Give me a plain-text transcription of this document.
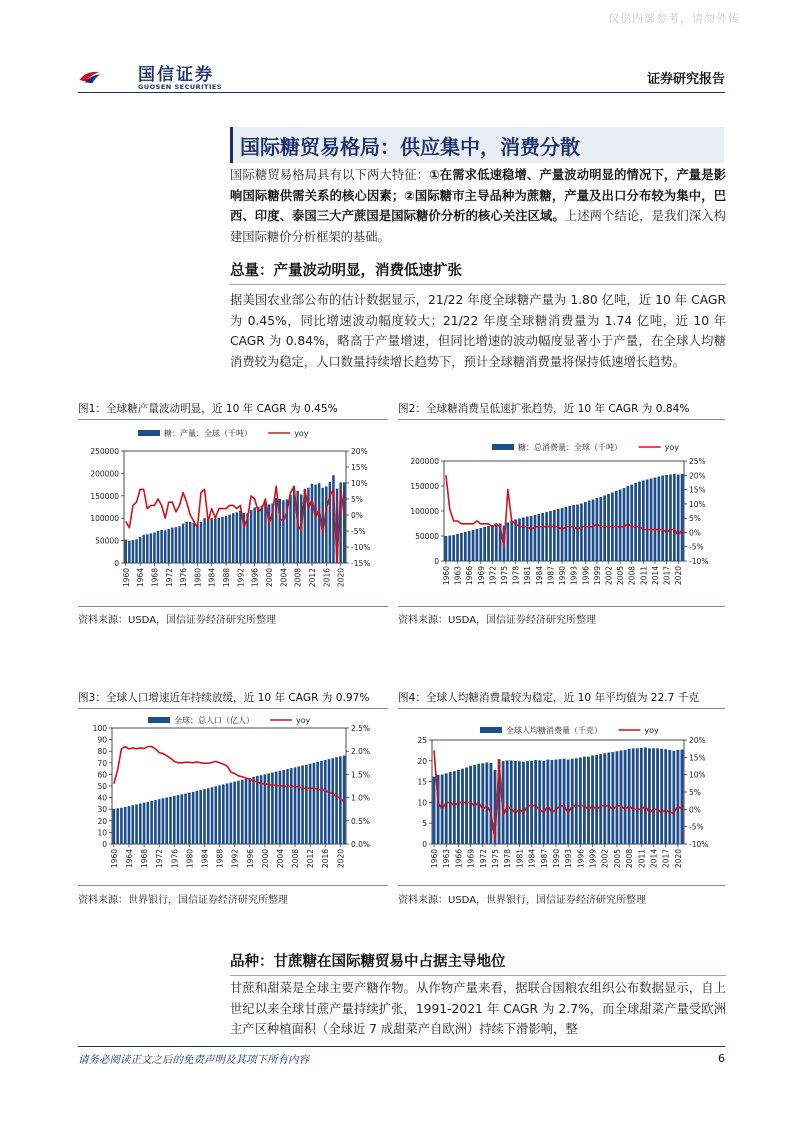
仅供内部参考，请勿外传
国信证券
GUOSEN SECURITIES	证券研究报告
国际糖贸易格局：供应集中，消费分散
国际糖贸易格局具有以下两大特征：①在需求低速稳增、产量波动明显的情况下，产量是影响国际糖供需关系的核心因素；②国际糖市主导品种为蔗糖，产量及出口分布较为集中，巴西、印度、泰国三大产蔗国是国际糖价分析的核心关注区域。上述两个结论，是我们深入构建国际糖价分析框架的基础。
总量：产量波动明显，消费低速扩张
据美国农业部公布的估计数据显示，21/22 年度全球糖产量为 1.80 亿吨，近 10 年 CAGR 为 0.45%，同比增速波动幅度较大；21/22 年度全球糖消费量为 1.74 亿吨，近 10 年 CAGR 为 0.84%，略高于产量增速，但同比增速的波动幅度显著小于产量，在全球人均糖消费较为稳定，人口数量持续增长趋势下，预计全球糖消费量将保持低速增长趋势。
图1：全球糖产量波动明显，近 10 年 CAGR 为 0.45%
糖：产量：全球（千吨）	yoy
0
50000
100000
150000
200000
250000
-15%
-10%
-5%
0%
5%
10%
15%
20%
1960 1964 1968 1972 1976 1980 1984 1988 1992 1996 2000 2004 2008 2012 2016 2020
资料来源：USDA，国信证券经济研究所整理
图2：全球糖消费呈低速扩张趋势，近 10 年 CAGR 为 0.84%
糖：总消费量：全球（千吨）	yoy
0
50000
100000
150000
200000
-10%
-5%
0%
5%
10%
15%
20%
25%
1960 1963 1966 1969 1972 1975 1978 1981 1984 1987 1990 1993 1996 1999 2002 2005 2008 2011 2014 2017 2020
资料来源：USDA，国信证券经济研究所整理
图3：全球人口增速近年持续放缓，近 10 年 CAGR 为 0.97%
全球：总人口（亿人）	yoy
0
10
20
30
40
50
60
70
80
90
100
0.0%
0.5%
1.0%
1.5%
2.0%
2.5%
1960 1964 1968 1972 1976 1980 1984 1988 1992 1996 2000 2004 2008 2012 2016 2020
资料来源：世界银行，国信证券经济研究所整理
图4：全球人均糖消费量较为稳定，近 10 年平均值为 22.7 千克
全球人均糖消费量（千克）	yoy
0
5
10
15
20
25
-10%
-5%
0%
5%
10%
15%
20%
1960 1963 1966 1969 1972 1975 1978 1981 1984 1987 1990 1993 1996 1999 2002 2005 2008 2011 2014 2017 2020
资料来源：USDA，世界银行，国信证券经济研究所整理
品种：甘蔗糖在国际糖贸易中占据主导地位
甘蔗和甜菜是全球主要产糖作物。从作物产量来看，据联合国粮农组织公布数据显示，自上世纪以来全球甘蔗产量持续扩张，1991-2021 年 CAGR 为 2.7%，而全球甜菜产量受欧洲主产区种植面积（全球近 7 成甜菜产自欧洲）持续下滑影响，整
请务必阅读正文之后的免责声明及其项下所有内容	6
